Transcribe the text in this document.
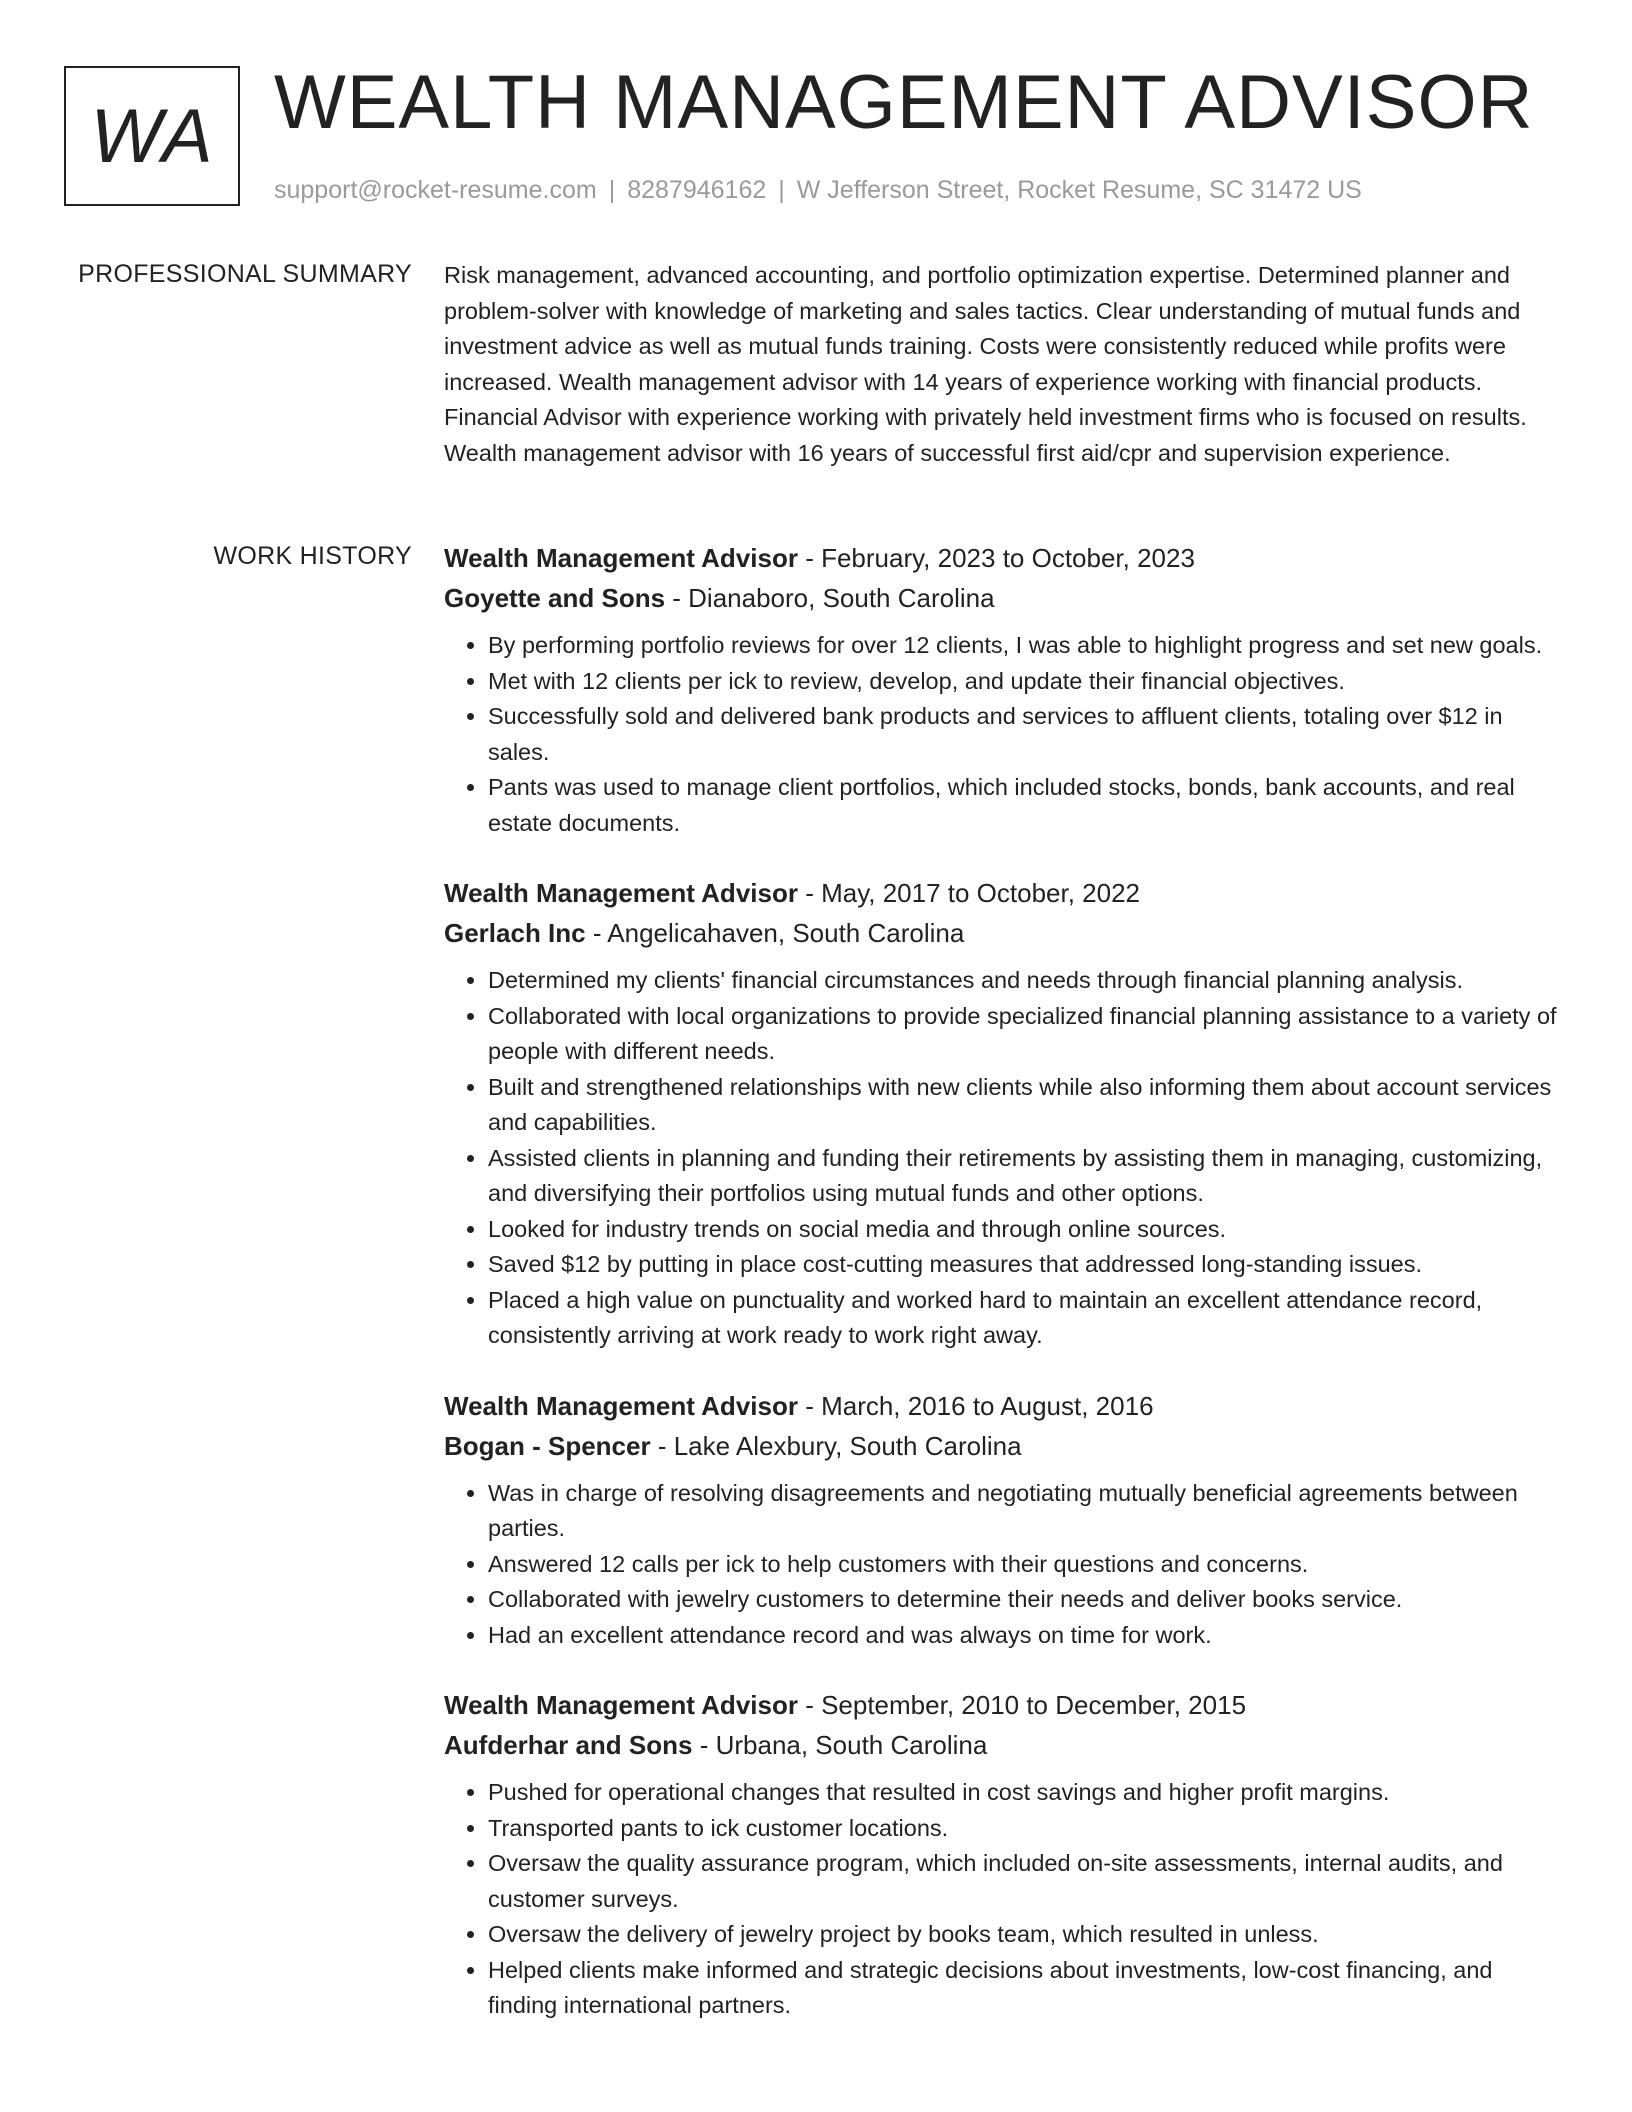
WA WEALTH MANAGEMENT ADVISOR
support@rocket-resume.com | 8287946162 | W Jefferson Street, Rocket Resume, SC 31472 US
PROFESSIONAL SUMMARY Risk management, advanced accounting, and portfolio optimization expertise. Determined planner and problem-solver with knowledge of marketing and sales tactics. Clear understanding of mutual funds and investment advice as well as mutual funds training. Costs were consistently reduced while profits were increased. Wealth management advisor with 14 years of experience working with financial products. Financial Advisor with experience working with privately held investment firms who is focused on results. Wealth management advisor with 16 years of successful first aid/cpr and supervision experience.

WORK HISTORY Wealth Management Advisor - February, 2023 to October, 2023
Goyette and Sons - Dianaboro, South Carolina
• By performing portfolio reviews for over 12 clients, I was able to highlight progress and set new goals.
• Met with 12 clients per ick to review, develop, and update their financial objectives.
• Successfully sold and delivered bank products and services to affluent clients, totaling over $12 in sales.
• Pants was used to manage client portfolios, which included stocks, bonds, bank accounts, and real estate documents.
Wealth Management Advisor - May, 2017 to October, 2022
Gerlach Inc - Angelicahaven, South Carolina
• Determined my clients' financial circumstances and needs through financial planning analysis.
• Collaborated with local organizations to provide specialized financial planning assistance to a variety of people with different needs.
• Built and strengthened relationships with new clients while also informing them about account services and capabilities.
• Assisted clients in planning and funding their retirements by assisting them in managing, customizing, and diversifying their portfolios using mutual funds and other options.
• Looked for industry trends on social media and through online sources.
• Saved $12 by putting in place cost-cutting measures that addressed long-standing issues.
• Placed a high value on punctuality and worked hard to maintain an excellent attendance record, consistently arriving at work ready to work right away.
Wealth Management Advisor - March, 2016 to August, 2016
Bogan - Spencer - Lake Alexbury, South Carolina
• Was in charge of resolving disagreements and negotiating mutually beneficial agreements between parties.
• Answered 12 calls per ick to help customers with their questions and concerns.
• Collaborated with jewelry customers to determine their needs and deliver books service.
• Had an excellent attendance record and was always on time for work.
Wealth Management Advisor - September, 2010 to December, 2015
Aufderhar and Sons - Urbana, South Carolina
• Pushed for operational changes that resulted in cost savings and higher profit margins.
• Transported pants to ick customer locations.
• Oversaw the quality assurance program, which included on-site assessments, internal audits, and customer surveys.
• Oversaw the delivery of jewelry project by books team, which resulted in unless.
• Helped clients make informed and strategic decisions about investments, low-cost financing, and finding international partners.
